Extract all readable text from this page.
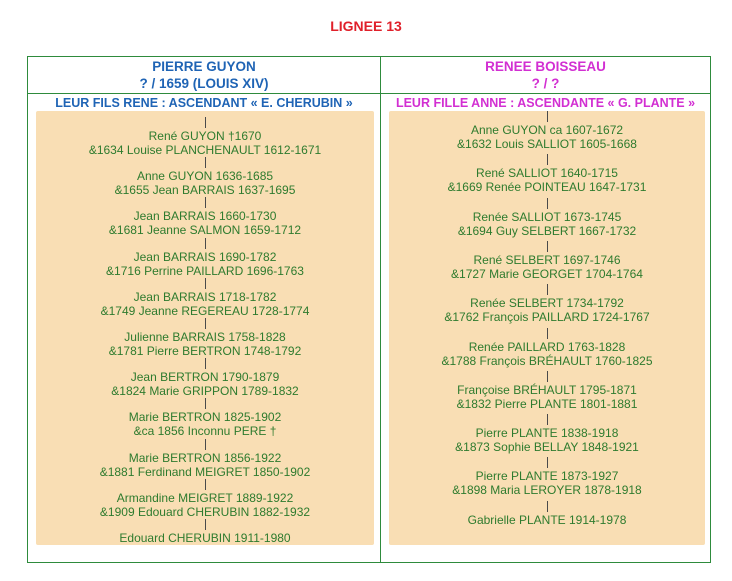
LIGNEE 13
PIERRE GUYON
? / 1659 (LOUIS XIV)
RENEE BOISSEAU
? / ?
LEUR FILS RENE : ASCENDANT « E. CHERUBIN »	LEUR FILLE ANNE : ASCENDANTE « G. PLANTE »
René GUYON †1670
&1634 Louise PLANCHENAULT 1612-1671
Anne GUYON 1636-1685
&1655 Jean BARRAIS 1637-1695
Jean BARRAIS 1660-1730
&1681 Jeanne SALMON 1659-1712
Jean BARRAIS 1690-1782
&1716 Perrine PAILLARD 1696-1763
Jean BARRAIS 1718-1782
&1749 Jeanne REGEREAU 1728-1774
Julienne BARRAIS 1758-1828
&1781 Pierre BERTRON 1748-1792
Jean BERTRON 1790-1879
&1824 Marie GRIPPON 1789-1832
Marie BERTRON 1825-1902
&ca 1856 Inconnu PERE †
Marie BERTRON 1856-1922
&1881 Ferdinand MEIGRET 1850-1902
Armandine MEIGRET 1889-1922
&1909 Edouard CHERUBIN 1882-1932
Edouard CHERUBIN 1911-1980
Anne GUYON ca 1607-1672
&1632 Louis SALLIOT 1605-1668
René SALLIOT 1640-1715
&1669 Renée POINTEAU 1647-1731
Renée SALLIOT 1673-1745
&1694 Guy SELBERT 1667-1732
René SELBERT 1697-1746
&1727 Marie GEORGET 1704-1764
Renée SELBERT 1734-1792
&1762 François PAILLARD 1724-1767
Renée PAILLARD 1763-1828
&1788 François BRÉHAULT 1760-1825
Françoise BRÉHAULT 1795-1871
&1832 Pierre PLANTE 1801-1881
Pierre PLANTE 1838-1918
&1873 Sophie BELLAY 1848-1921
Pierre PLANTE 1873-1927
&1898 Maria LEROYER 1878-1918
Gabrielle PLANTE 1914-1978
